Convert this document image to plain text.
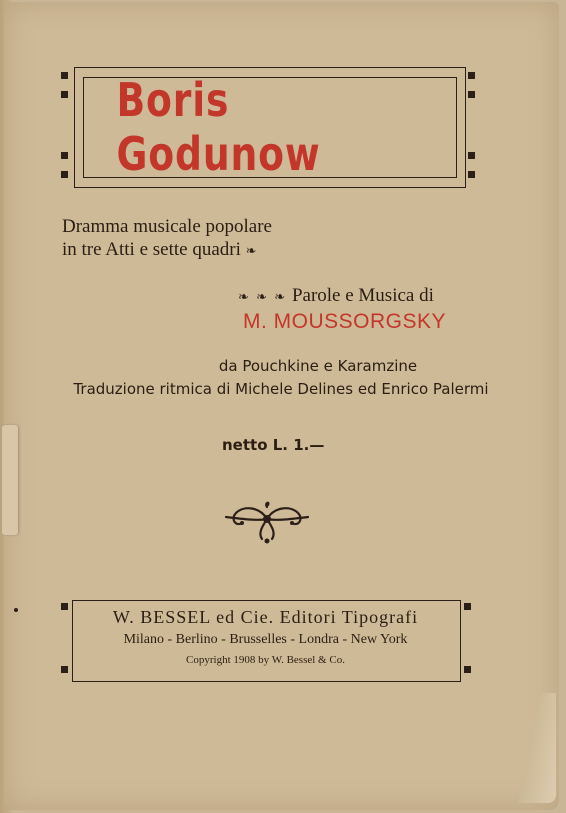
Boris Godunow
Dramma musicale popolare
in tre Atti e sette quadri ❧
❧ ❧ ❧ Parole e Musica di
M. MOUSSORGSKY
da Pouchkine e Karamzine
Traduzione ritmica di Michele Delines ed Enrico Palermi
netto L. 1.—
W. BESSEL ed Cie. Editori Tipografi
Milano - Berlino - Brusselles - Londra - New York
Copyright 1908 by W. Bessel & Co.
